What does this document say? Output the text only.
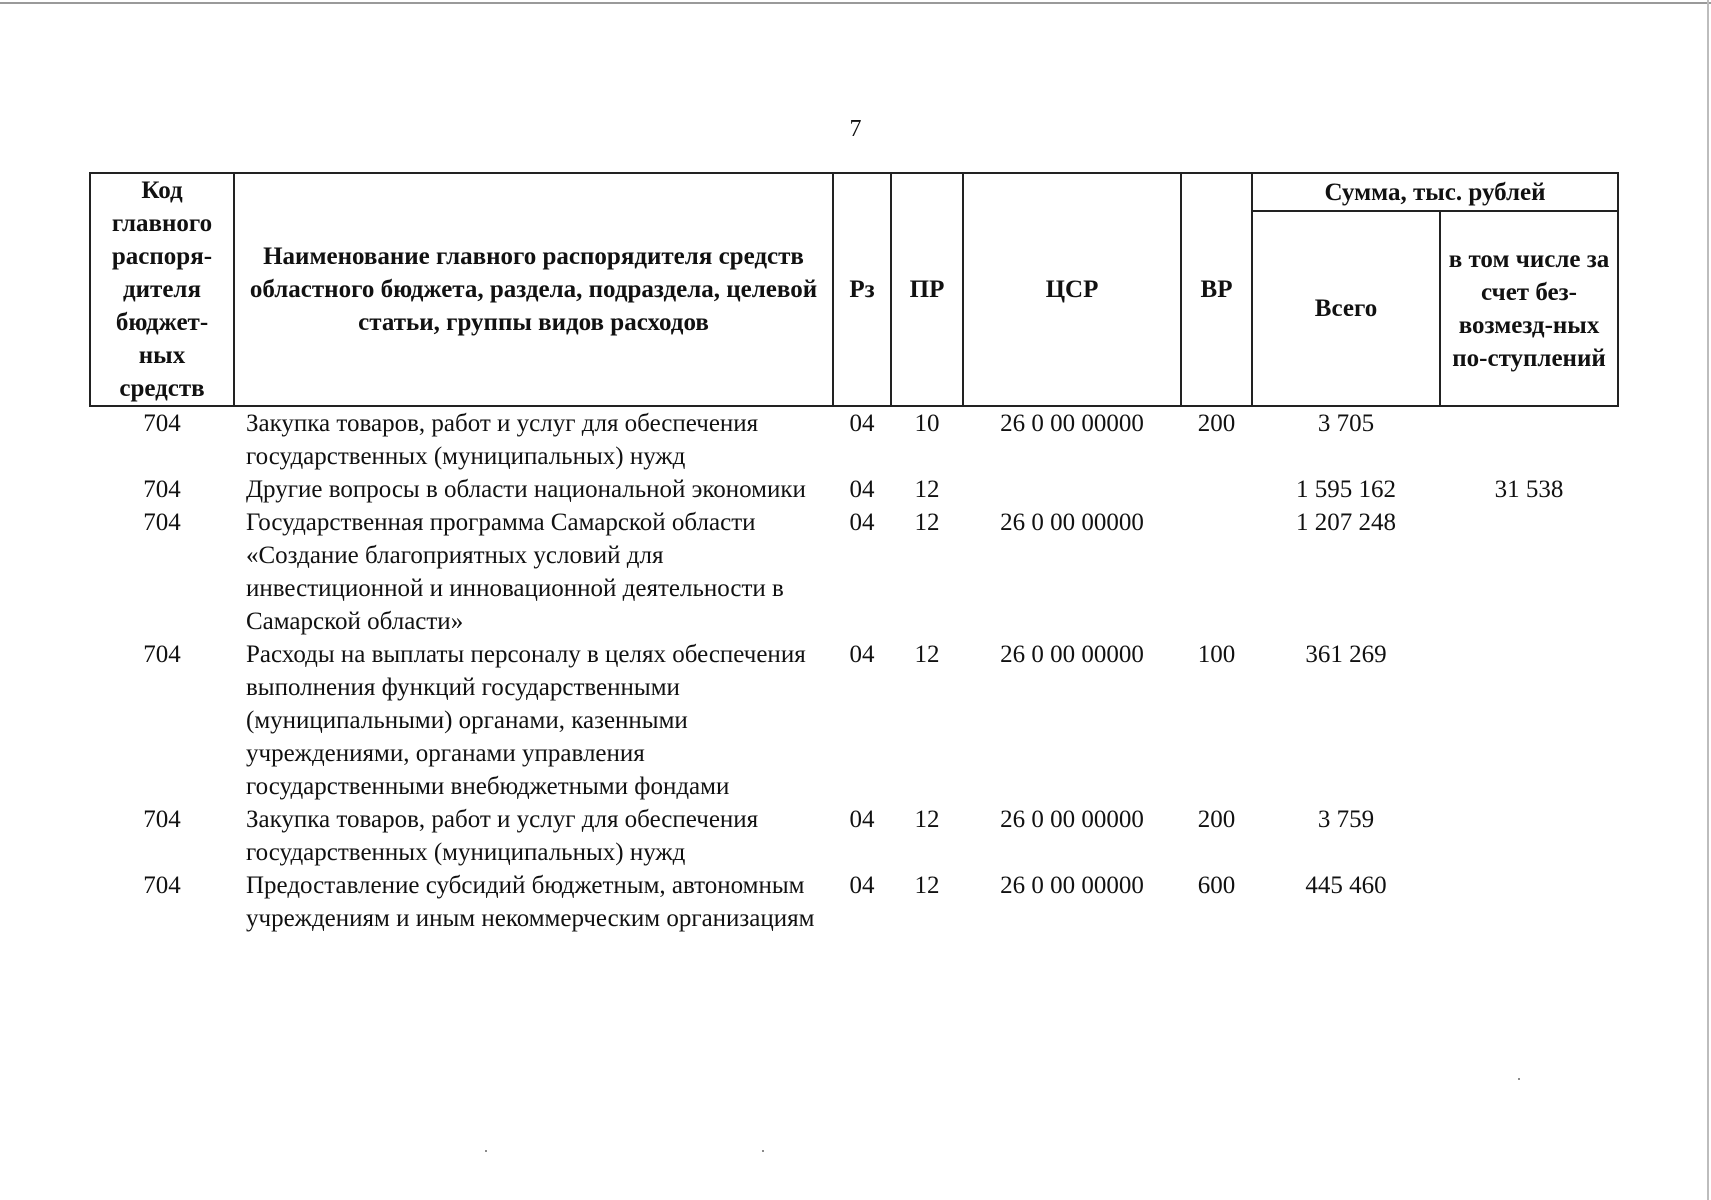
7
Код главного распоря-дителя бюджет-ных средств	Наименование главного распорядителя средств областного бюджета, раздела, подраздела, целевой статьи, группы видов расходов	Рз	ПР	ЦСР	ВР	Сумма, тыс. рублей	
						Всего	в том числе за счет без-возмезд-ных по-ступлений
704	Закупка товаров, работ и услуг для обеспечения государственных (муниципальных) нужд	04	10	26 0 00 00000	200	3 705	
704	Другие вопросы в области национальной экономики	04	12			1 595 162	31 538
704	Государственная программа Самарской области «Создание благоприятных условий для инвестиционной и инновационной деятельности в Самарской области»	04	12	26 0 00 00000		1 207 248	
704	Расходы на выплаты персоналу в целях обеспечения выполнения функций государственными (муниципальными) органами, казенными учреждениями, органами управления государственными внебюджетными фондами	04	12	26 0 00 00000	100	361 269	
704	Закупка товаров, работ и услуг для обеспечения государственных (муниципальных) нужд	04	12	26 0 00 00000	200	3 759	
704	Предоставление субсидий бюджетным, автономным учреждениям и иным некоммерческим организациям	04	12	26 0 00 00000	600	445 460	
